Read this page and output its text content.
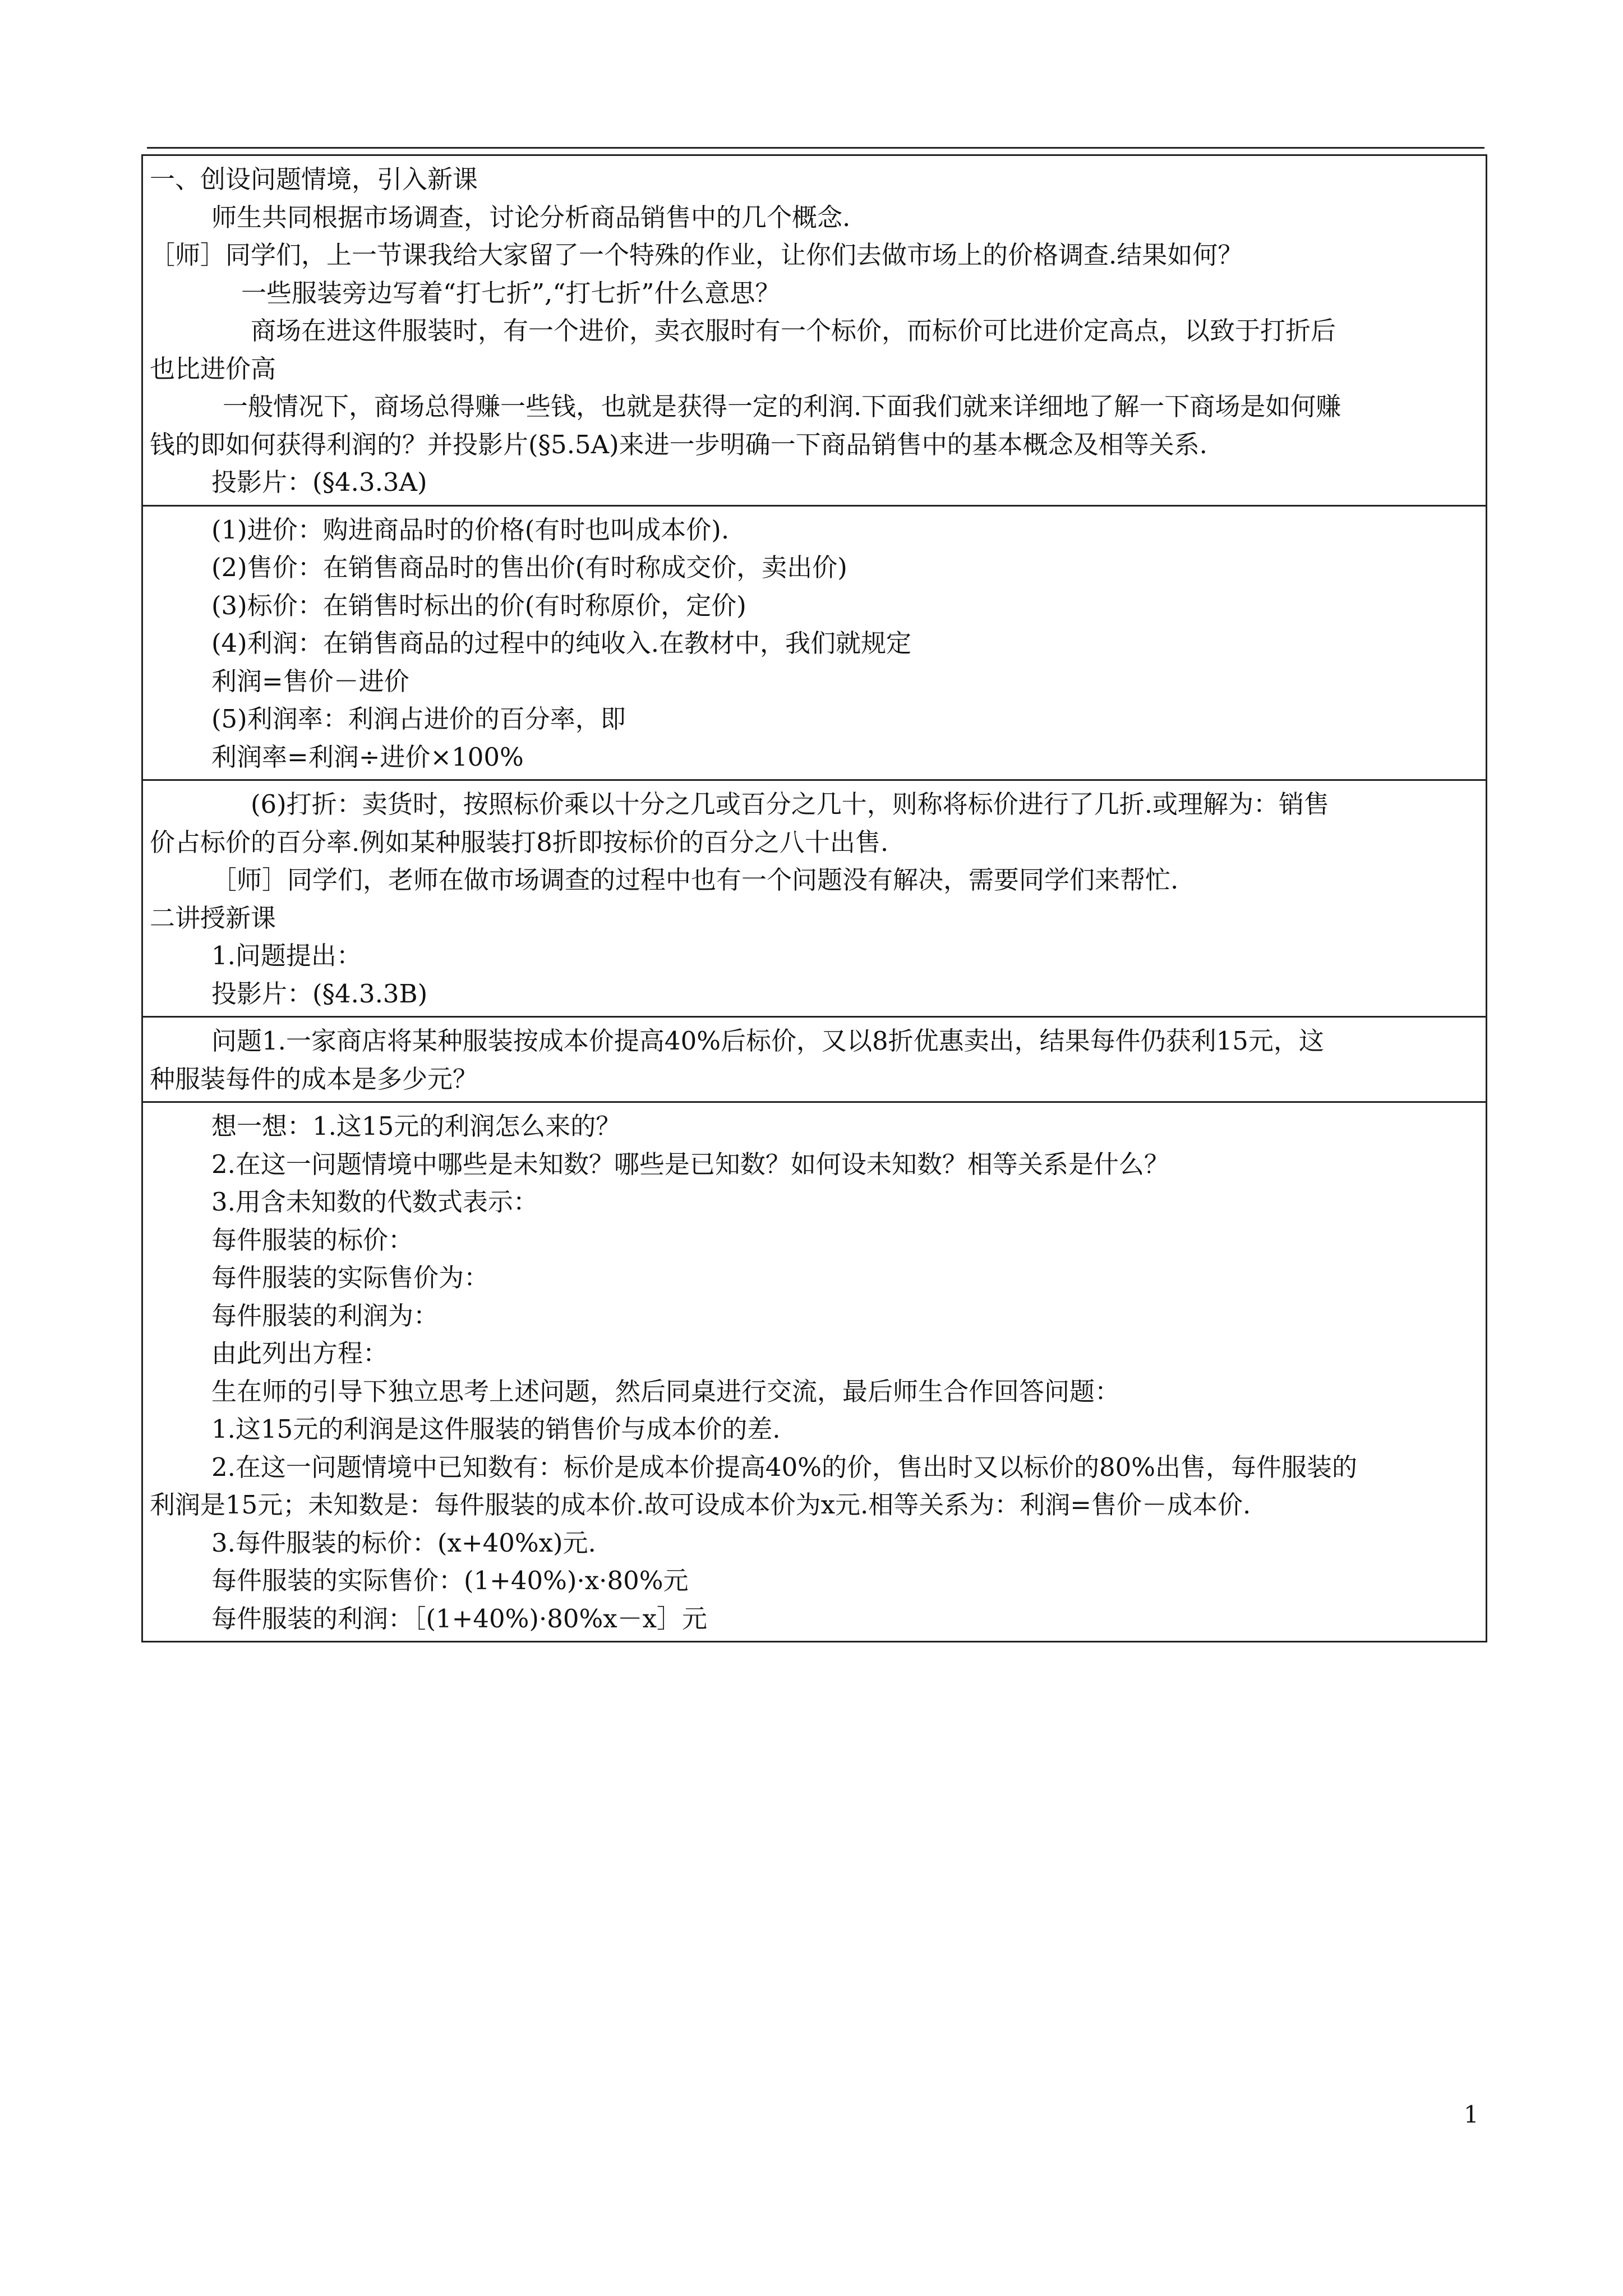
一、创设问题情境，引入新课
师生共同根据市场调查，讨论分析商品销售中的几个概念.
［师］同学们，上一节课我给大家留了一个特殊的作业，让你们去做市场上的价格调查.结果如何？
一些服装旁边写着“打七折”,“打七折”什么意思？
商场在进这件服装时，有一个进价，卖衣服时有一个标价，而标价可比进价定高点，以致于打折后
也比进价高
一般情况下，商场总得赚一些钱，也就是获得一定的利润.下面我们就来详细地了解一下商场是如何赚
钱的即如何获得利润的？并投影片(§5.5A)来进一步明确一下商品销售中的基本概念及相等关系.
投影片：(§4.3.3A)
(1)进价：购进商品时的价格(有时也叫成本价).
(2)售价：在销售商品时的售出价(有时称成交价，卖出价)
(3)标价：在销售时标出的价(有时称原价，定价)
(4)利润：在销售商品的过程中的纯收入.在教材中，我们就规定
利润=售价－进价
(5)利润率：利润占进价的百分率，即
利润率=利润÷进价×100%
(6)打折：卖货时，按照标价乘以十分之几或百分之几十，则称将标价进行了几折.或理解为：销售
价占标价的百分率.例如某种服装打8折即按标价的百分之八十出售.
［师］同学们，老师在做市场调查的过程中也有一个问题没有解决，需要同学们来帮忙.
二讲授新课
1.问题提出：
投影片：(§4.3.3B)
问题1.一家商店将某种服装按成本价提高40%后标价，又以8折优惠卖出，结果每件仍获利15元，这
种服装每件的成本是多少元？
想一想：1.这15元的利润怎么来的？
2.在这一问题情境中哪些是未知数？哪些是已知数？如何设未知数？相等关系是什么？
3.用含未知数的代数式表示：
每件服装的标价：
每件服装的实际售价为：
每件服装的利润为：
由此列出方程：
生在师的引导下独立思考上述问题，然后同桌进行交流，最后师生合作回答问题：
1.这15元的利润是这件服装的销售价与成本价的差.
2.在这一问题情境中已知数有：标价是成本价提高40%的价，售出时又以标价的80%出售，每件服装的
利润是15元；未知数是：每件服装的成本价.故可设成本价为x元.相等关系为：利润=售价－成本价.
3.每件服装的标价：(x+40%x)元.
每件服装的实际售价：(1+40%)·x·80%元
每件服装的利润：［(1+40%)·80%x－x］元
1
